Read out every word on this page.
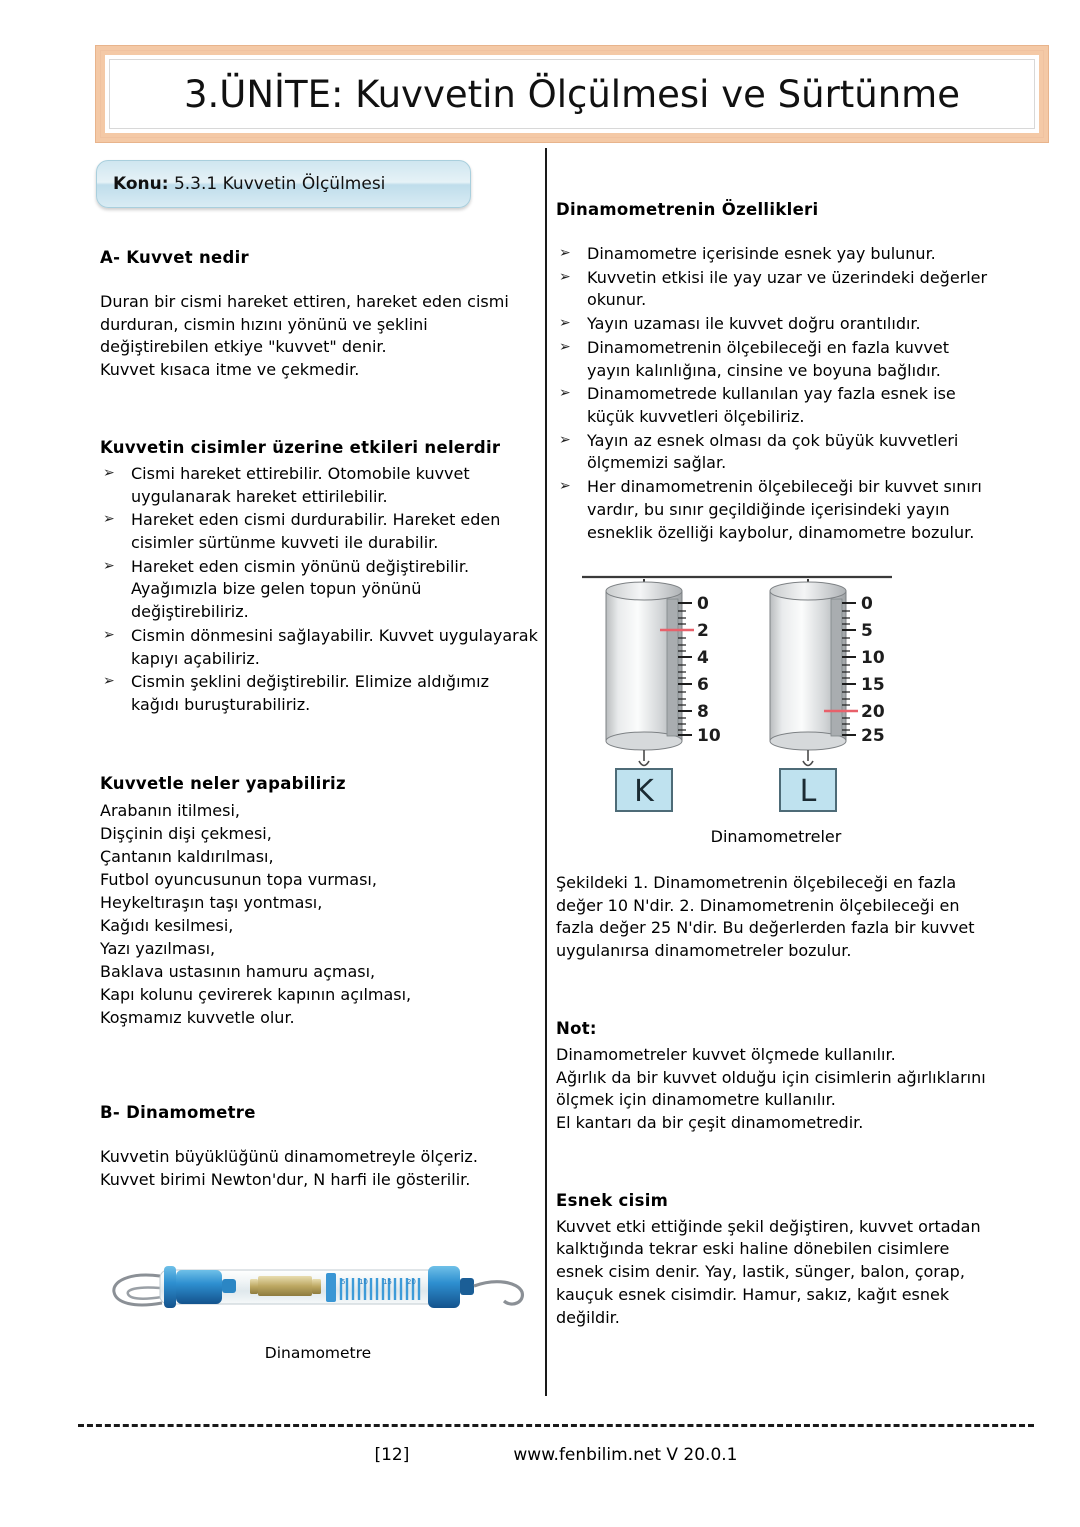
3.ÜNİTE: Kuvvetin Ölçülmesi ve Sürtünme
Konu: 5.3.1 Kuvvetin Ölçülmesi
A- Kuvvet nedir

Duran bir cismi hareket ettiren, hareket eden cismi durduran, cismin hızını yönünü ve şeklini değiştirebilen etkiye "kuvvet" denir.

Kuvvet kısaca itme ve çekmedir.

Kuvvetin cisimler üzerine etkileri nelerdir
➢ Cismi hareket ettirebilir. Otomobile kuvvet uygulanarak hareket ettirilebilir.
➢ Hareket eden cismi durdurabilir. Hareket eden cisimler sürtünme kuvveti ile durabilir.
➢ Hareket eden cismin yönünü değiştirebilir. Ayağımızla bize gelen topun yönünü değiştirebiliriz.
➢ Cismin dönmesini sağlayabilir. Kuvvet uygulayarak kapıyı açabiliriz.
➢ Cismin şeklini değiştirebilir. Elimize aldığımız kağıdı buruşturabiliriz.
Kuvvetle neler yapabiliriz
Arabanın itilmesi,
Dişçinin dişi çekmesi,
Çantanın kaldırılması,
Futbol oyuncusunun topa vurması,
Heykeltıraşın taşı yontması,
Kağıdı kesilmesi,
Yazı yazılması,
Baklava ustasının hamuru açması,
Kapı kolunu çevirerek kapının açılması,
Koşmamız kuvvetle olur.
B- Dinamometre

Kuvvetin büyüklüğünü dinamometreyle ölçeriz.

Kuvvet birimi Newton'dur, N harfi ile gösterilir.

5 10 15 20
Dinamometre
Dinamometrenin Özellikleri
➢ Dinamometre içerisinde esnek yay bulunur.
➢ Kuvvetin etkisi ile yay uzar ve üzerindeki değerler okunur.
➢ Yayın uzaması ile kuvvet doğru orantılıdır.
➢ Dinamometrenin ölçebileceği en fazla kuvvet yayın kalınlığına, cinsine ve boyuna bağlıdır.
➢ Dinamometrede kullanılan yay fazla esnek ise küçük kuvvetleri ölçebiliriz.
➢ Yayın az esnek olması da çok büyük kuvvetleri ölçmemizi sağlar.
➢ Her dinamometrenin ölçebileceği bir kuvvet sınırı vardır, bu sınır geçildiğinde içerisindeki yayın esneklik özelliği kaybolur, dinamometre bozulur.
0
2
4
6
8
10
K
0
5
10
15
20
25
L
Dinamometreler

Şekildeki 1. Dinamometrenin ölçebileceği en fazla değer 10 N'dir. 2. Dinamometrenin ölçebileceği en fazla değer 25 N'dir. Bu değerlerden fazla bir kuvvet uygulanırsa dinamometreler bozulur.

Not:

Dinamometreler kuvvet ölçmede kullanılır.

Ağırlık da bir kuvvet olduğu için cisimlerin ağırlıklarını ölçmek için dinamometre kullanılır.

El kantarı da bir çeşit dinamometredir.

Esnek cisim

Kuvvet etki ettiğinde şekil değiştiren, kuvvet ortadan kalktığında tekrar eski haline dönebilen cisimlere esnek cisim denir. Yay, lastik, sünger, balon, çorap, kauçuk esnek cisimdir. Hamur, sakız, kağıt esnek değildir.

[12]	www.fenbilim.net V 20.0.1
